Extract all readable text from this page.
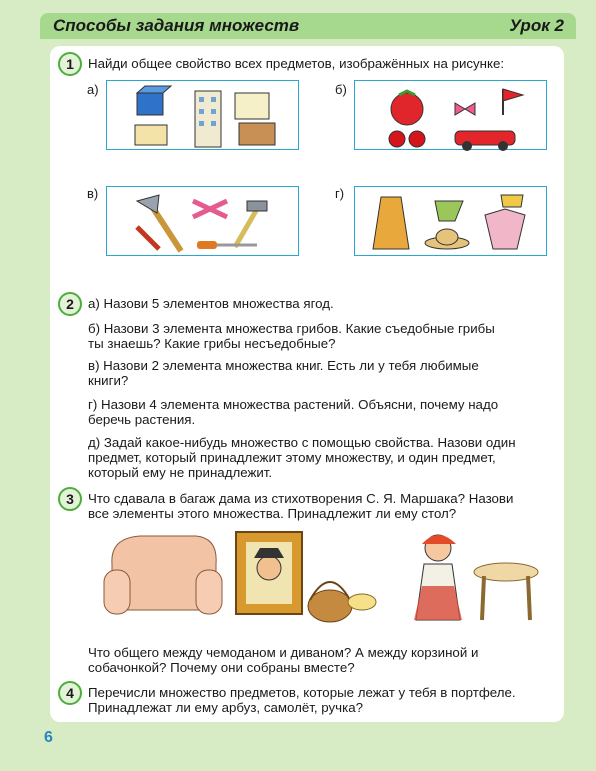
Способы задания множеств	Урок 2
1	Найди общее свойство всех предметов, изображённых на рисунке:
а)	б)
в)	г)
2	а) Назови 5 элементов множества ягод.
б) Назови 3 элемента множества грибов. Какие съедобные грибы
ты знаешь? Какие грибы несъедобные?
в) Назови 2 элемента множества книг. Есть ли у тебя любимые
книги?
г) Назови 4 элемента множества растений. Объясни, почему надо
беречь растения.
д) Задай какое-нибудь множество с помощью свойства. Назови один
предмет, который принадлежит этому множеству, и один предмет,
который ему не принадлежит.
3	Что сдавала в багаж дама из стихотворения С. Я. Маршака? Назови
все элементы этого множества. Принадлежит ли ему стол?
Что общего между чемоданом и диваном? А между корзиной и
собачонкой? Почему они собраны вместе?
4	Перечисли множество предметов, которые лежат у тебя в портфеле.
Принадлежат ли ему арбуз, самолёт, ручка?
6
